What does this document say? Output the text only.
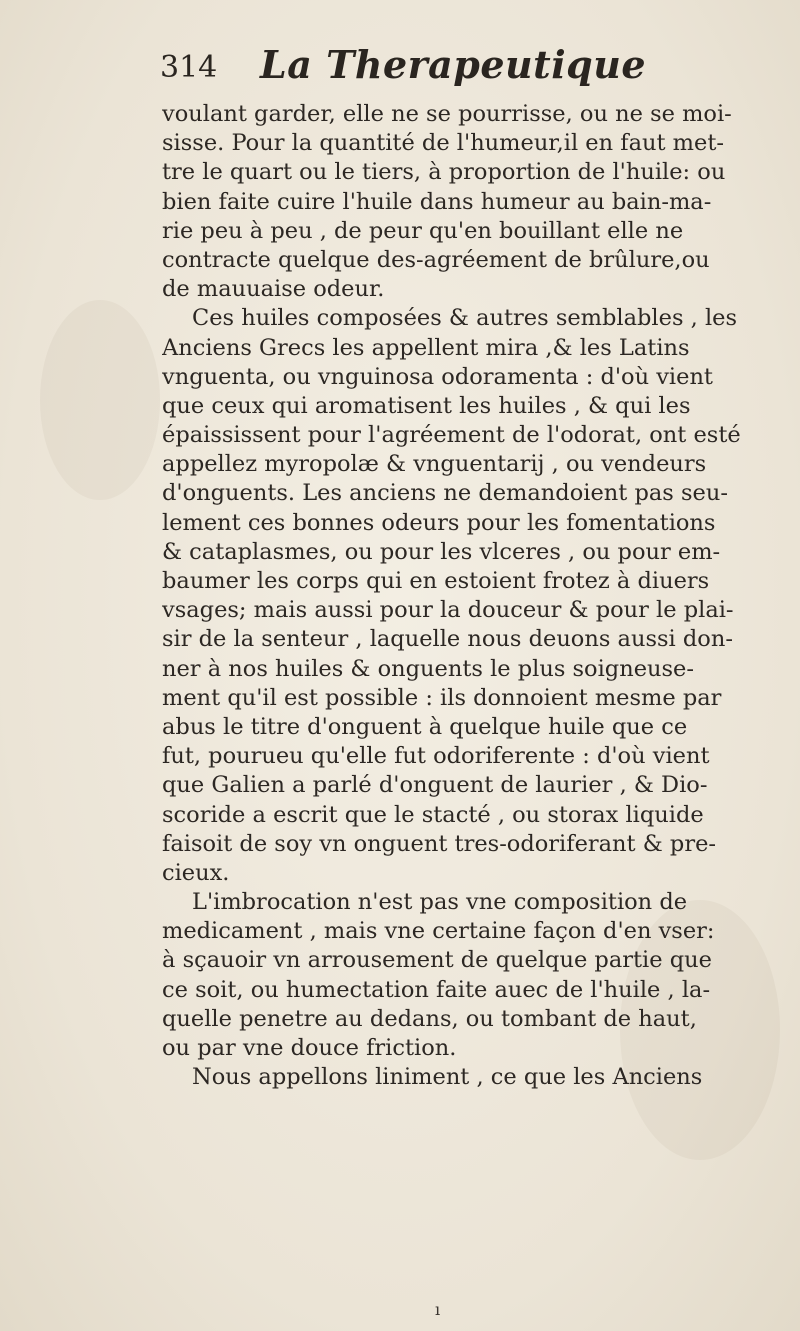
314 La Therapeutique
voulant garder, elle ne se pourrisse, ou ne se moi-
sisse. Pour la quantité de l'humeur,il en faut met-
tre le quart ou le tiers, à proportion de l'huile: ou
bien faite cuire l'huile dans humeur au bain-ma-
rie peu à peu , de peur qu'en bouillant elle ne
contracte quelque des-agréement de brûlure,ou
de mauuaise odeur.
Ces huiles composées & autres semblables , les
Anciens Grecs les appellent mira ,& les Latins
vnguenta, ou vnguinosa odoramenta : d'où vient
que ceux qui aromatisent les huiles , & qui les
épaississent pour l'agréement de l'odorat, ont esté
appellez myropolæ & vnguentarij , ou vendeurs
d'onguents. Les anciens ne demandoient pas seu-
lement ces bonnes odeurs pour les fomentations
& cataplasmes, ou pour les vlceres , ou pour em-
baumer les corps qui en estoient frotez à diuers
vsages; mais aussi pour la douceur & pour le plai-
sir de la senteur , laquelle nous deuons aussi don-
ner à nos huiles & onguents le plus soigneuse-
ment qu'il est possible : ils donnoient mesme par
abus le titre d'onguent à quelque huile que ce
fut, pourueu qu'elle fut odoriferente : d'où vient
que Galien a parlé d'onguent de laurier , & Dio-
scoride a escrit que le stacté , ou storax liquide
faisoit de soy vn onguent tres-odoriferant & pre-
cieux.
L'imbrocation n'est pas vne composition de
medicament , mais vne certaine façon d'en vser:
à sçauoir vn arrousement de quelque partie que
ce soit, ou humectation faite auec de l'huile , la-
quelle penetre au dedans, ou tombant de haut,
ou par vne douce friction.
Nous appellons liniment , ce que les Anciens
ı
